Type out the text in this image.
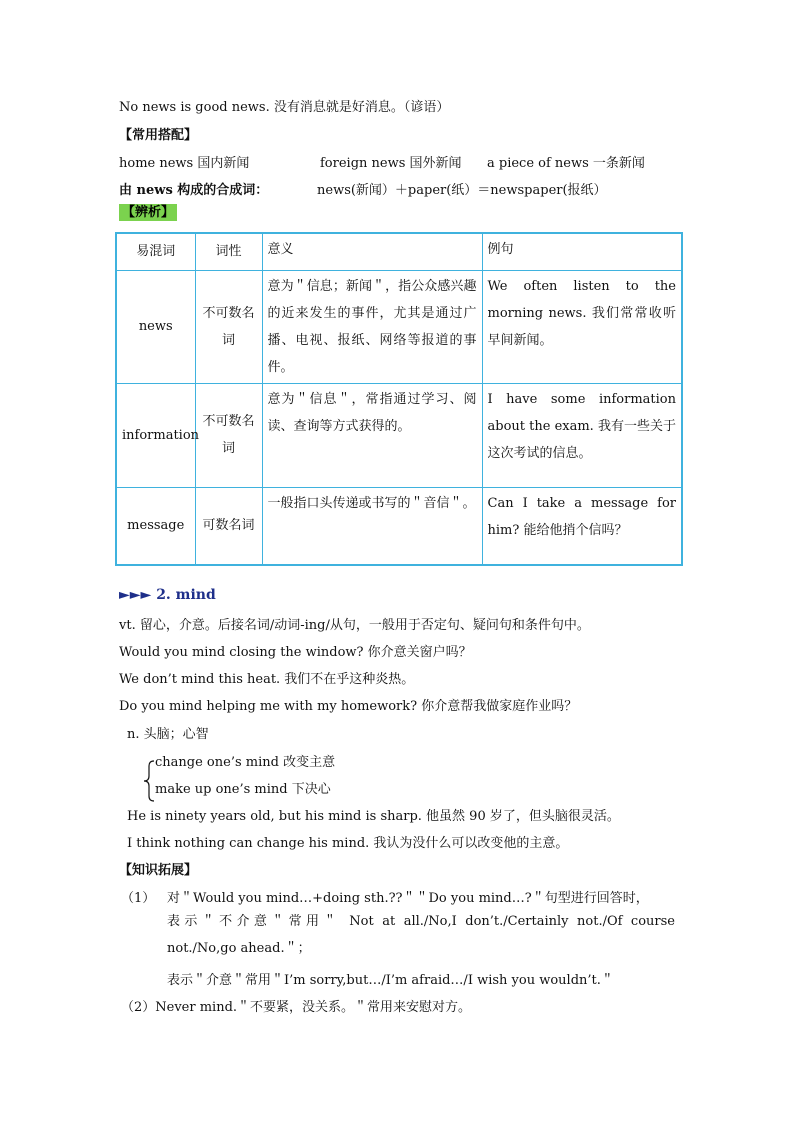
No news is good news. 没有消息就是好消息。（谚语）
【常用搭配】
home news 国内新闻	foreign news 国外新闻 a piece of news 一条新闻
由 news 构成的合成词：	news(新闻）＋paper(纸）＝newspaper(报纸）
【辨析】
易混词	词性	意义	例句
news	不可数名词	意为＂信息；新闻＂，指公众感兴趣的近来发生的事件，尤其是通过广播、电视、报纸、网络等报道的事件。	We often listen to the morning news. 我们常常收听早间新闻。
information	不可数名词	意为＂信息＂，常指通过学习、阅读、查询等方式获得的。	I have some information about the exam. 我有一些关于这次考试的信息。
message	可数名词	一般指口头传递或书写的＂音信＂。	Can I take a message for him? 能给他捎个信吗？
►►► 2. mind
vt. 留心，介意。后接名词/动词-ing/从句，一般用于否定句、疑问句和条件句中。
Would you mind closing the window? 你介意关窗户吗？
We don’t mind this heat. 我们不在乎这种炎热。
Do you mind helping me with my homework? 你介意帮我做家庭作业吗？
n. 头脑；心智
change one’s mind 改变主意
make up one’s mind 下决心
He is ninety years old, but his mind is sharp. 他虽然 90 岁了，但头脑很灵活。
I think nothing can change his mind. 我认为没什么可以改变他的主意。
【知识拓展】
（1） 对＂Would you mind…+doing sth.??＂＂Do you mind…?＂句型进行回答时，
表示＂不介意＂常用＂ Not at all./No,I don’t./Certainly not./Of course not./No,go ahead.＂；
表示＂介意＂常用＂I’m sorry,but…/I’m afraid…/I wish you wouldn’t.＂
（2）Never mind.＂不要紧，没关系。＂常用来安慰对方。
